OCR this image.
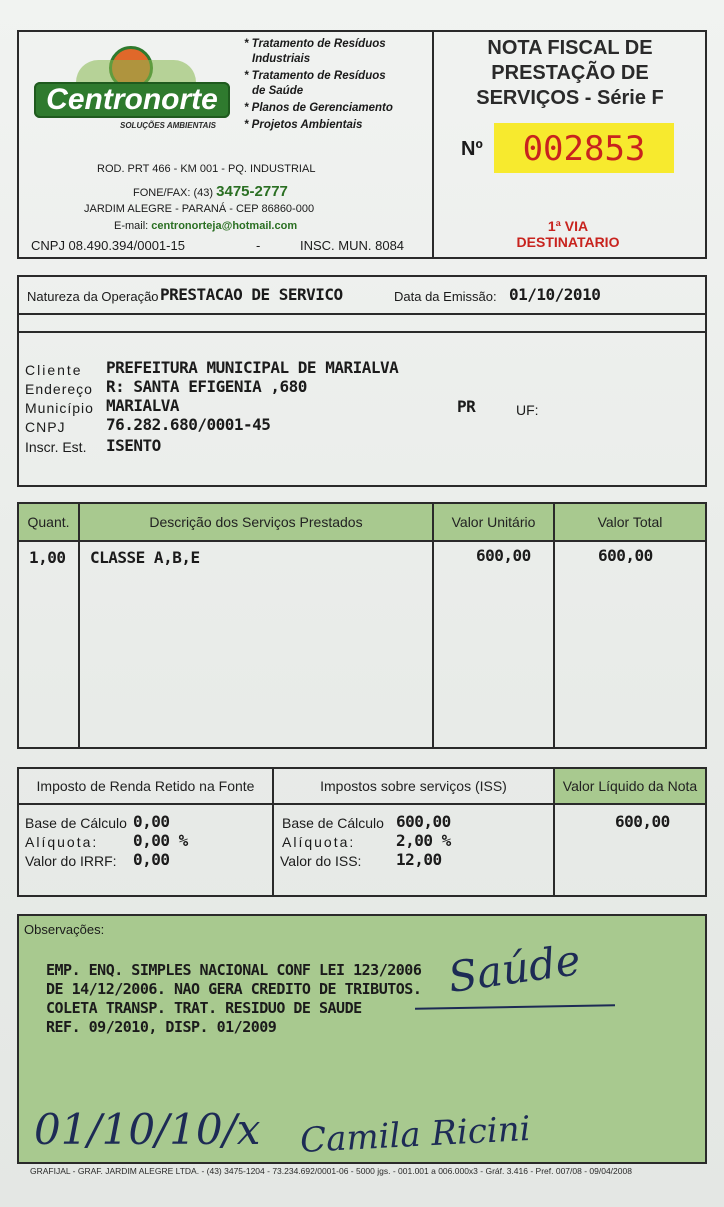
Centronorte
SOLUÇÕES AMBIENTAIS
* Tratamento de Resíduos
Industriais
* Tratamento de Resíduos
de Saúde
* Planos de Gerenciamento
* Projetos Ambientais
ROD. PRT 466 - KM 001 - PQ. INDUSTRIAL
FONE/FAX: (43) 3475-2777
JARDIM ALEGRE - PARANÁ - CEP 86860-000
E-mail: centronorteja@hotmail.com
CNPJ 08.490.394/0001-15	-	INSC. MUN. 8084
NOTA FISCAL DE
PRESTAÇÃO DE
SERVIÇOS - Série F
Nº	002853
1ª VIA
DESTINATARIO
Natureza da Operação PRESTACAO DE SERVICO	Data da Emissão: 01/10/2010
Cliente PREFEITURA MUNICIPAL DE MARIALVA
Endereço R: SANTA EFIGENIA ,680
Município MARIALVA
CNPJ	76.282.680/0001-45
Inscr. Est. ISENTO
PR	UF:
Quant.	Descrição dos Serviços Prestados	Valor Unitário	Valor Total
1,00 CLASSE A,B,E	600,00	600,00
Imposto de Renda Retido na Fonte	Impostos sobre serviços (ISS)	Valor Líquido da Nota
Base de Cálculo 0,00
Alíquota: 0,00 %
Valor do IRRF: 0,00
Base de Cálculo 600,00
Alíquota:	2,00 %
Valor do ISS: 12,00
600,00
Observações:
EMP. ENQ. SIMPLES NACIONAL CONF LEI 123/2006
DE 14/12/2006. NAO GERA CREDITO DE TRIBUTOS.
COLETA TRANSP. TRAT. RESIDUO DE SAUDE
REF. 09/2010, DISP. 01/2009
Saúde
01/10/10/x Camila Ricini
GRAFIJAL - GRAF. JARDIM ALEGRE LTDA. - (43) 3475-1204 - 73.234.692/0001-06 - 5000 jgs. - 001.001 a 006.000x3 - Gráf. 3.416 - Pref. 007/08 - 09/04/2008
